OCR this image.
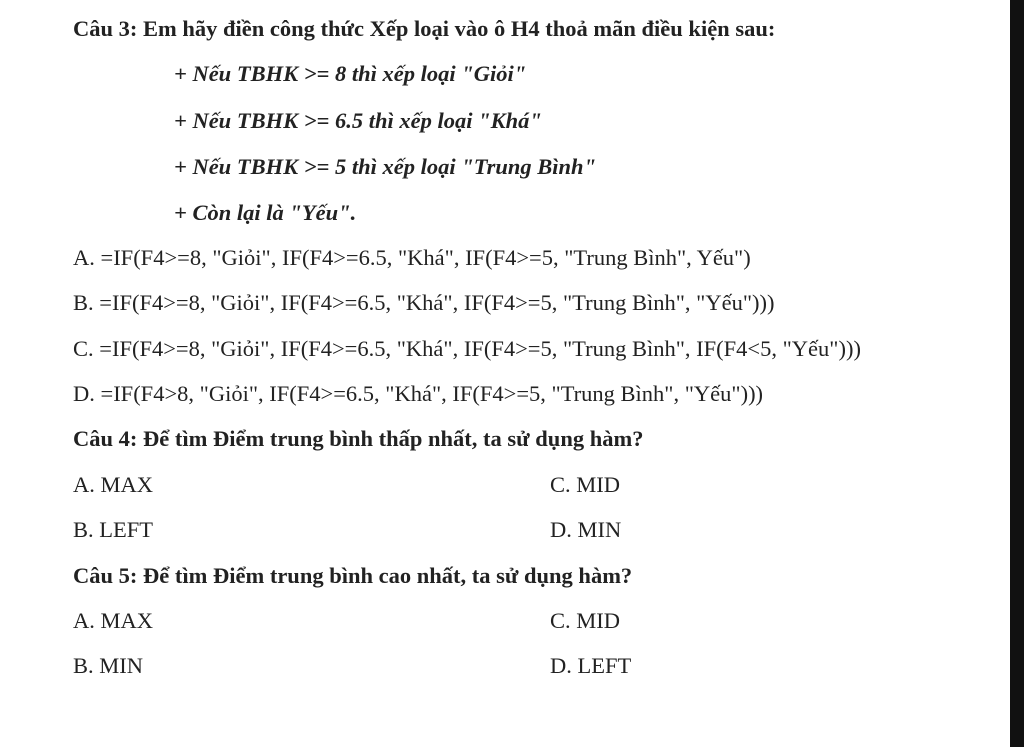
Câu 3: Em hãy điền công thức Xếp loại vào ô H4 thoả mãn điều kiện sau:
+ Nếu TBHK >= 8 thì xếp loại "Giỏi"
+ Nếu TBHK >= 6.5 thì xếp loại "Khá"
+ Nếu TBHK >= 5 thì xếp loại "Trung Bình"
+ Còn lại là "Yếu".
A. =IF(F4>=8, "Giỏi", IF(F4>=6.5, "Khá", IF(F4>=5, "Trung Bình", Yếu")
B. =IF(F4>=8, "Giỏi", IF(F4>=6.5, "Khá", IF(F4>=5, "Trung Bình", "Yếu")))
C. =IF(F4>=8, "Giỏi", IF(F4>=6.5, "Khá", IF(F4>=5, "Trung Bình", IF(F4<5, "Yếu")))
D. =IF(F4>8, "Giỏi", IF(F4>=6.5, "Khá", IF(F4>=5, "Trung Bình", "Yếu")))
Câu 4: Để tìm Điểm trung bình thấp nhất, ta sử dụng hàm?
A. MAX	C. MID
B. LEFT	D. MIN
Câu 5: Để tìm Điểm trung bình cao nhất, ta sử dụng hàm?
A. MAX	C. MID
B. MIN	D. LEFT
